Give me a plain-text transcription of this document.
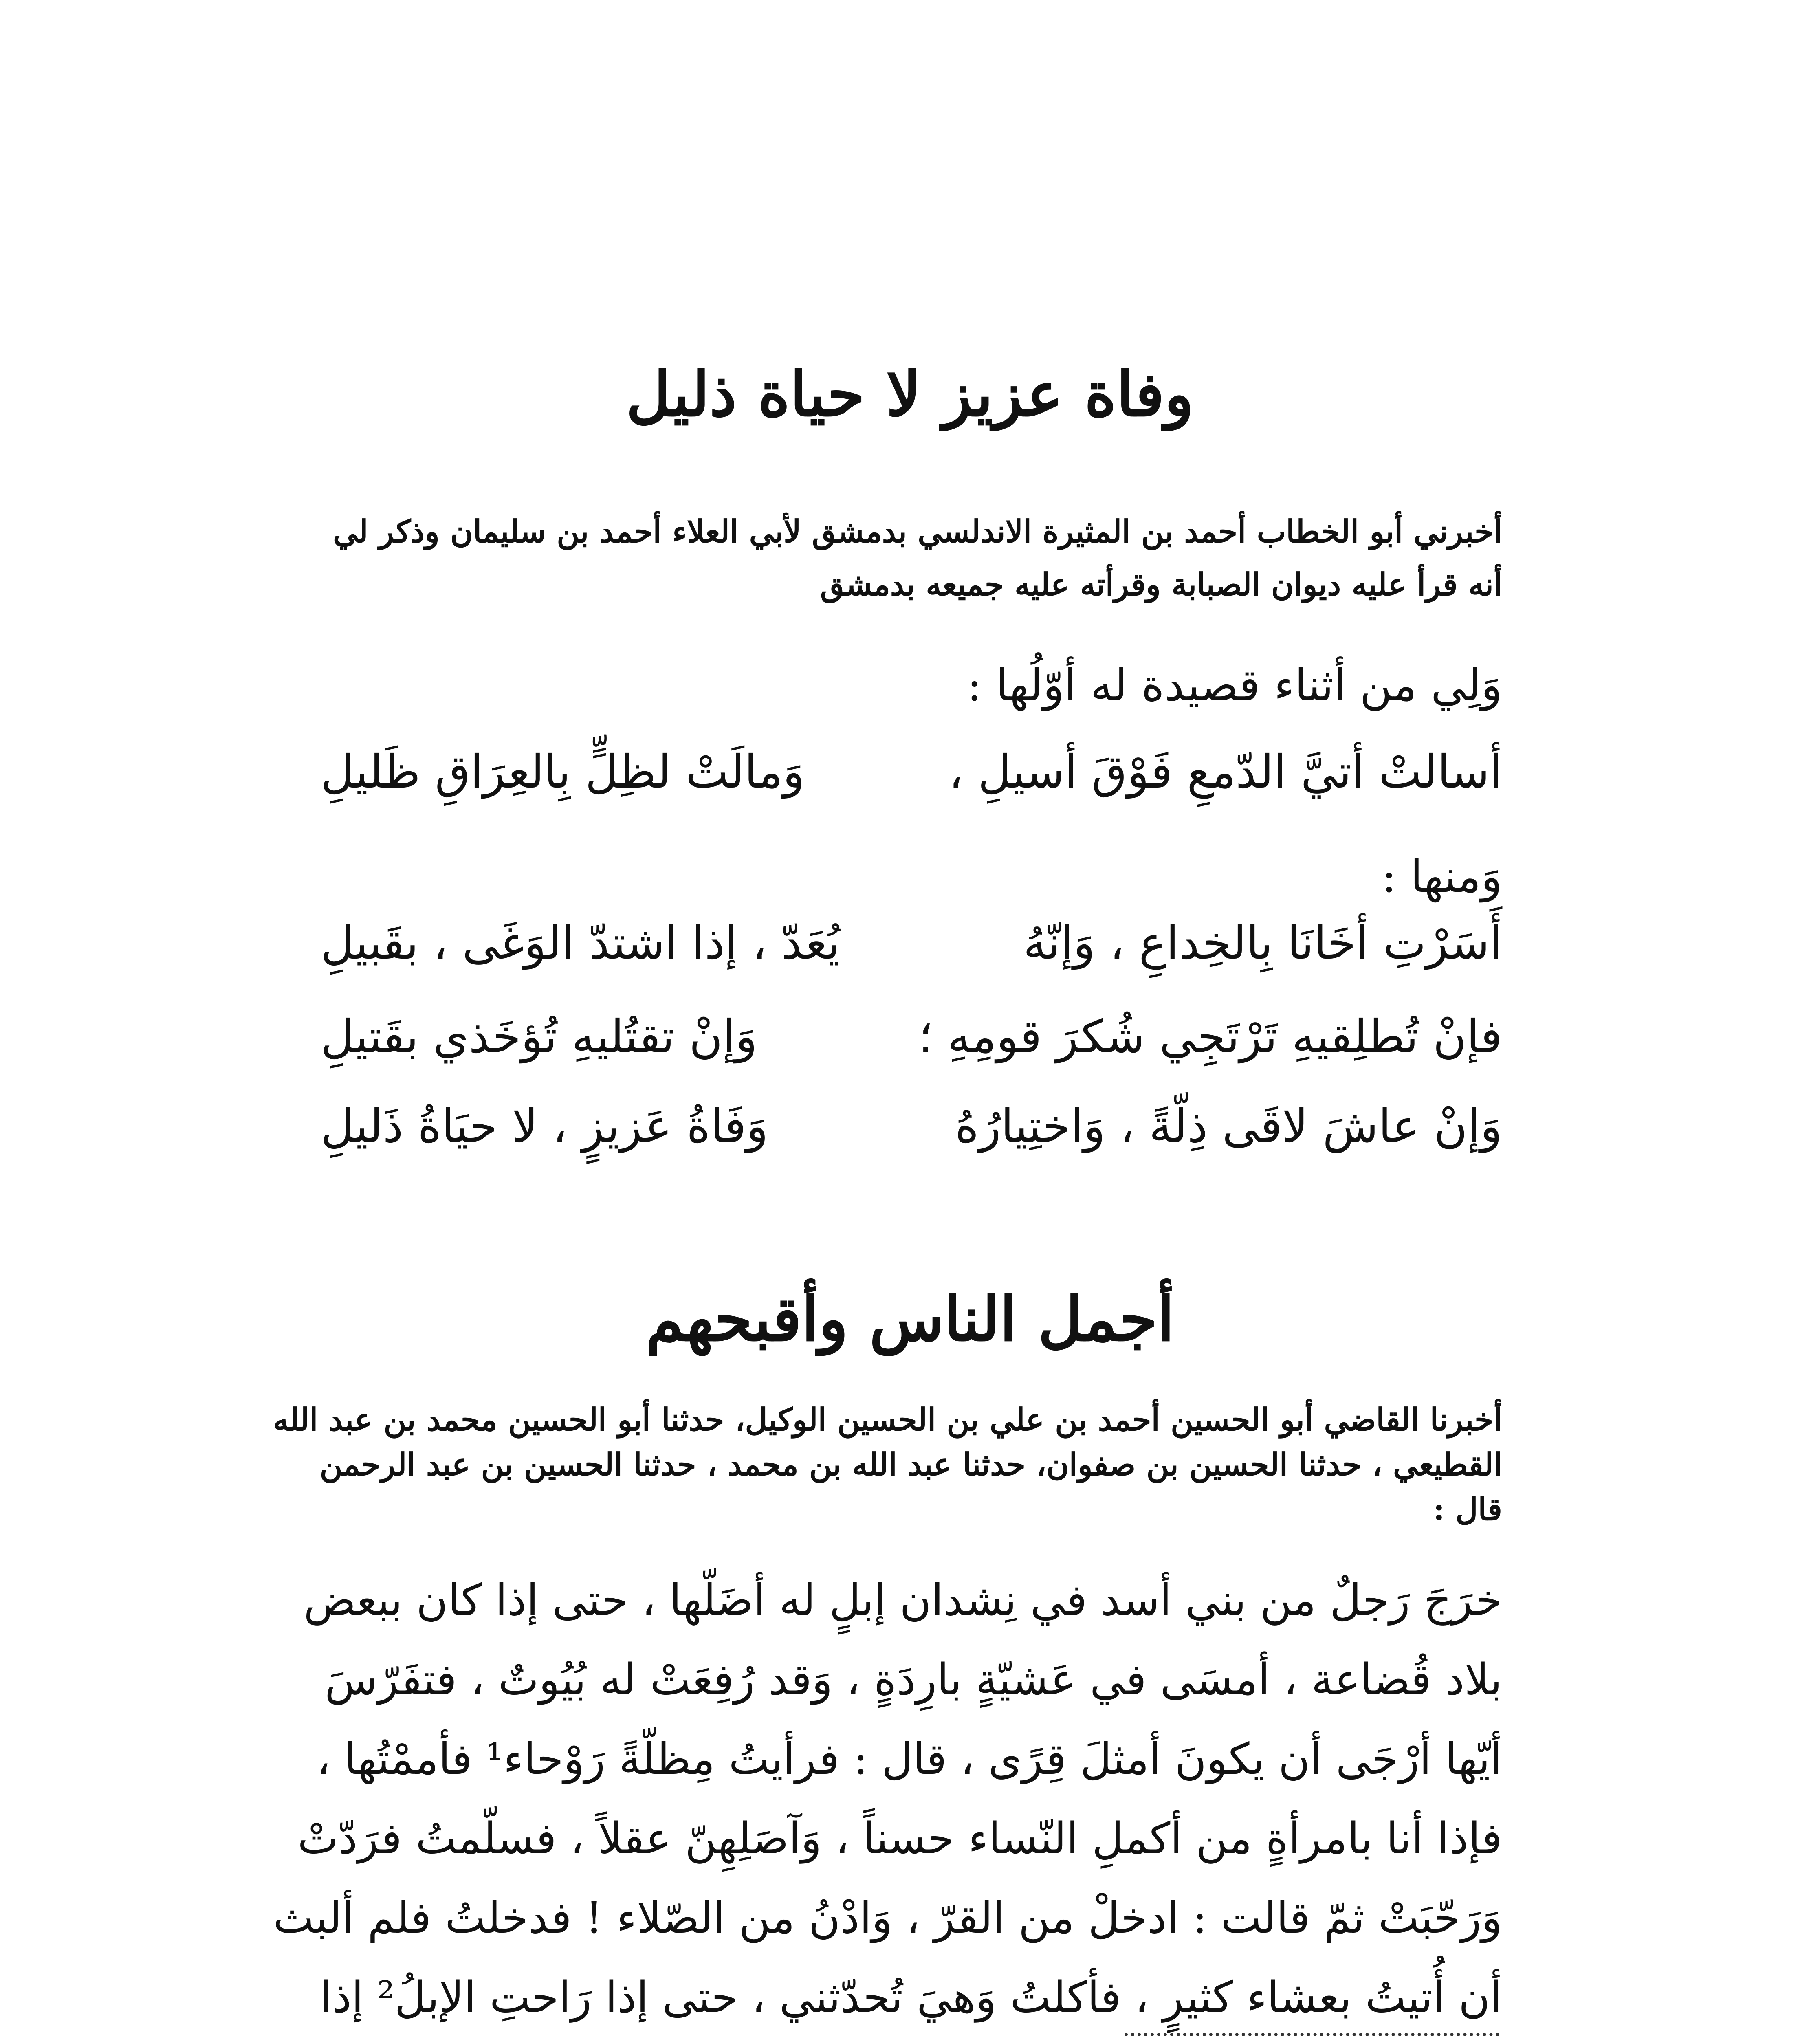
وفاة عزيز لا حياة ذليل
أخبرني أبو الخطاب أحمد بن المثيرة الاندلسي بدمشق لأبي العلاء أحمد بن سليمان وذكر لي
أنه قرأ عليه ديوان الصبابة وقرأته عليه جميعه بدمشق
وَلِي من أثناء قصيدة له أوّلُها :
أسالتْ أتيَّ الدّمعِ فَوْقَ أسيلِ ،
وَمالَتْ لظِلٍّ بِالعِرَاقِ ظَليلِ
وَمنها :
أَسَرْتِ أخَانَا بِالخِداعِ ، وَإنّهُ
يُعَدّ ، إذا اشتدّ الوَغَى ، بقَبيلِ
فإنْ تُطلِقيهِ تَرْتَجِي شُكرَ قومِهِ ؛
وَإنْ تقتُليهِ تُؤخَذي بقَتيلِ
وَإنْ عاشَ لاقَى ذِلّةً ، وَاختِيارُهُ
وَفَاةُ عَزيزٍ ، لا حيَاةُ ذَليلِ
أجمل الناس وأقبحهم
أخبرنا القاضي أبو الحسين أحمد بن علي بن الحسين الوكيل، حدثنا أبو الحسين محمد بن عبد الله
القطيعي ، حدثنا الحسين بن صفوان، حدثنا عبد الله بن محمد ، حدثنا الحسين بن عبد الرحمن
قال :
خرَجَ رَجلٌ من بني أسد في نِشدان إبلٍ له أضَلّها ، حتى إذا كان ببعض
بلاد قُضاعة ، أمسَى في عَشيّةٍ بارِدَةٍ ، وَقد رُفِعَتْ له بُيُوتٌ ، فتفَرّسَ
أيّها أرْجَى أن يكونَ أمثلَ قِرًى ، قال : فرأيتُ مِظلّةً رَوْحاء¹ فأممْتُها ،
فإذا أنا بامرأةٍ من أكملِ النّساء حسناً ، وَآصَلِهِنّ عقلاً ، فسلّمتُ فرَدّتْ
وَرَحّبَتْ ثمّ قالت : ادخلْ من القرّ ، وَادْنُ من الصّلاء ! فدخلتُ فلم ألبث
أن أُتيتُ بعشاء كثيرٍ ، فأكلتُ وَهيَ تُحدّثني ، حتى إذا رَاحتِ الإبلُ² إذا
